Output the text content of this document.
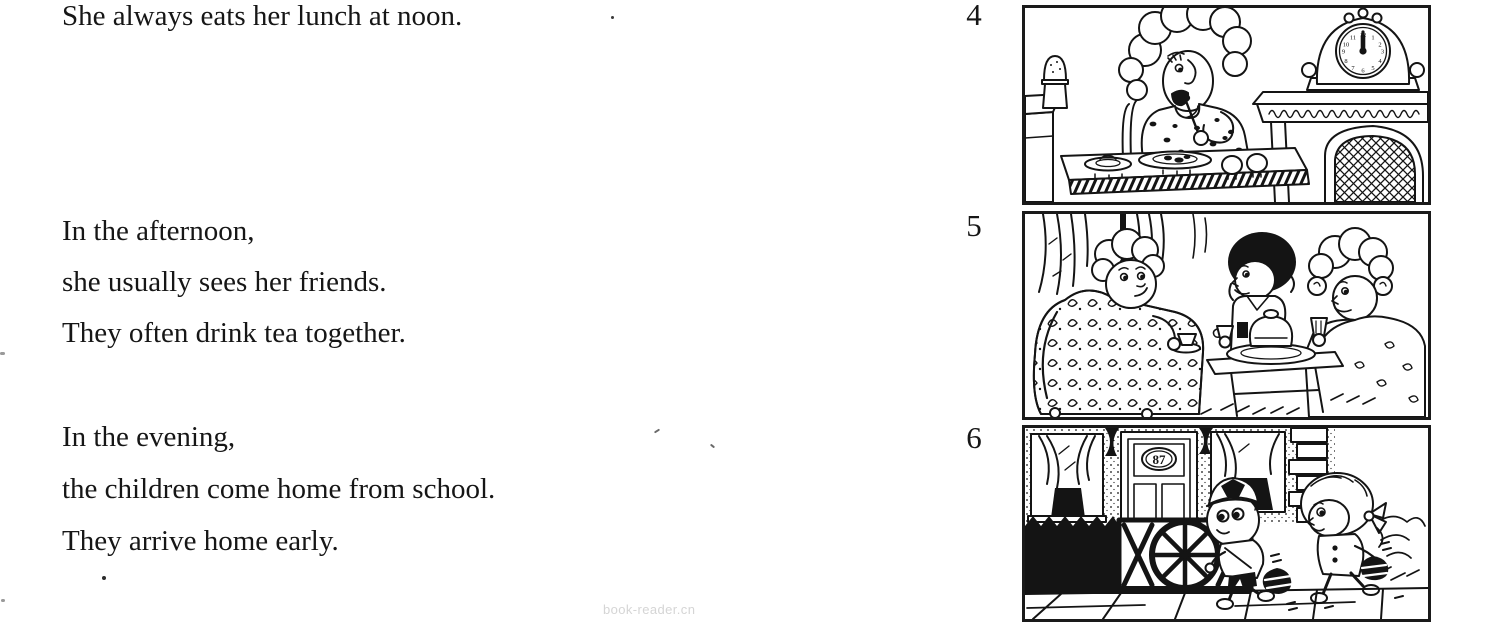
She always eats her lunch at noon.

In the afternoon,

she usually sees her friends.

They often drink tea together.

In the evening,

the children come home from school.

They arrive home early.

4
5
6
12 1
2
3
4
5
6
7
8
9
10
11
87
book-reader.cn
